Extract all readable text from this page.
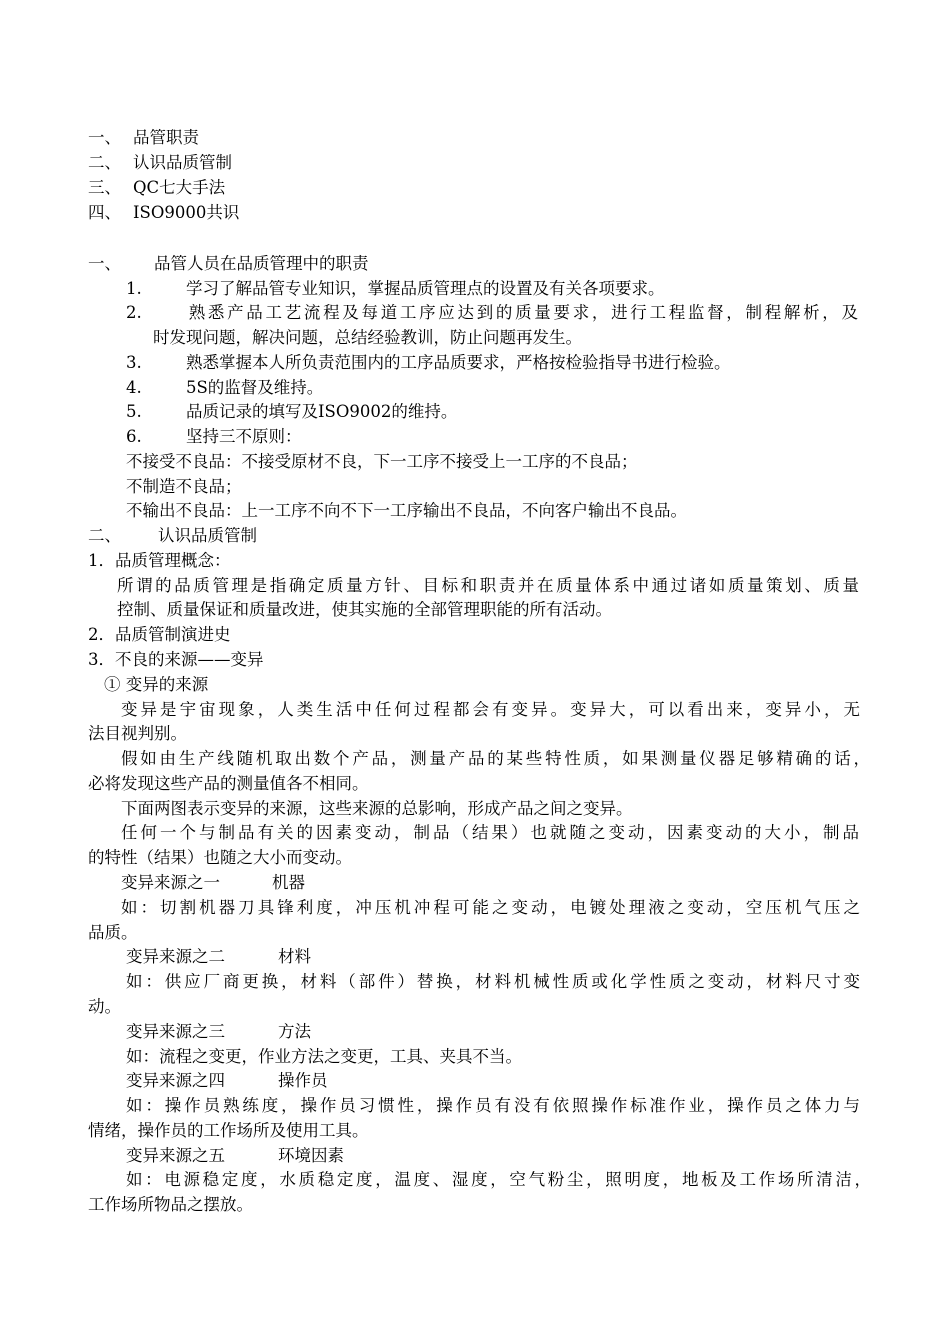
一、 品管职责
二、 认识品质管制
三、 QC七大手法
四、 ISO9000共识
一、 品管人员在品质管理中的职责
1.	学习了解品管专业知识，掌握品质管理点的设置及有关各项要求。
2.	熟悉产品工艺流程及每道工序应达到的质量要求，进行工程监督，制程解析，及
时发现问题，解决问题，总结经验教训，防止问题再发生。
3.	熟悉掌握本人所负责范围内的工序品质要求，严格按检验指导书进行检验。
4.	5S的监督及维持。
5.	品质记录的填写及ISO9002的维持。
6.	坚持三不原则：
不接受不良品：不接受原材不良，下一工序不接受上一工序的不良品；
不制造不良品；
不输出不良品：上一工序不向不下一工序输出不良品，不向客户输出不良品。
二、 认识品质管制
1．品质管理概念：
所谓的品质管理是指确定质量方针、目标和职责并在质量体系中通过诸如质量策划、质量
控制、质量保证和质量改进，使其实施的全部管理职能的所有活动。
2．品质管制演进史
3．不良的来源——变异
① 变异的来源
变异是宇宙现象，人类生活中任何过程都会有变异。变异大，可以看出来，变异小，无
法目视判别。
假如由生产线随机取出数个产品，测量产品的某些特性质，如果测量仪器足够精确的话，
必将发现这些产品的测量值各不相同。
下面两图表示变异的来源，这些来源的总影响，形成产品之间之变异。
任何一个与制品有关的因素变动，制品（结果）也就随之变动，因素变动的大小，制品
的特性（结果）也随之大小而变动。
变异来源之一	机器
如：切割机器刀具锋利度，冲压机冲程可能之变动，电镀处理液之变动，空压机气压之
品质。
变异来源之二	材料
如：供应厂商更换，材料（部件）替换，材料机械性质或化学性质之变动，材料尺寸变
动。
变异来源之三	方法
如：流程之变更，作业方法之变更，工具、夹具不当。
变异来源之四	操作员
如：操作员熟练度，操作员习惯性，操作员有没有依照操作标准作业，操作员之体力与
情绪，操作员的工作场所及使用工具。
变异来源之五	环境因素
如：电源稳定度，水质稳定度，温度、湿度，空气粉尘，照明度，地板及工作场所清洁，
工作场所物品之摆放。
